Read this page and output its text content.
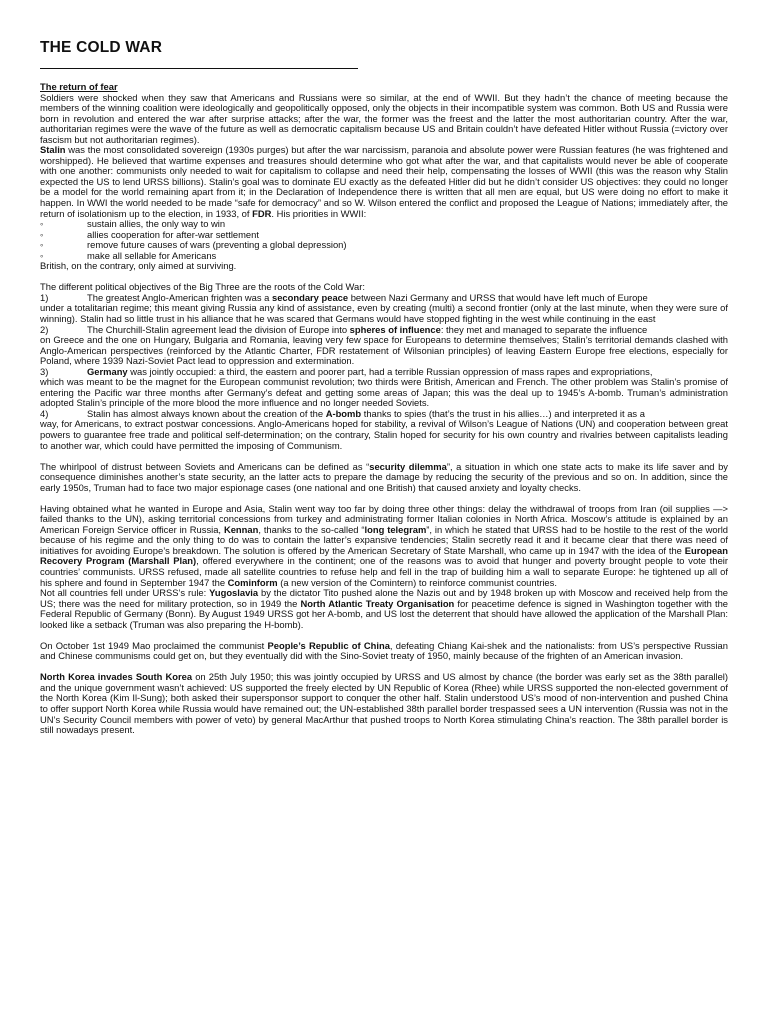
THE COLD WAR

The return of fear

Soldiers were shocked when they saw that Americans and Russians were so similar, at the end of WWII. But they hadn’t the chance of meeting because the members of the winning coalition were ideologically and geopolitically opposed, only the objects in their incompatible system was common. Both US and Russia were born in revolution and entered the war after surprise attacks; after the war, the former was the freest and the latter the most authoritarian country. After the war, authoritarian regimes were the wave of the future as well as democratic capitalism because US and Britain couldn’t have defeated Hitler without Russia (=victory over fascism but not authoritarian regimes).

Stalin was the most consolidated sovereign (1930s purges) but after the war narcissism, paranoia and absolute power were Russian features (he was frightened and worshipped). He believed that wartime expenses and treasures should determine who got what after the war, and that capitalists would never be able of cooperate with one another: communists only needed to wait for capitalism to collapse and need their help, compensating the losses of WWII (this was the reason why Stalin expected the US to lend URSS billions). Stalin’s goal was to dominate EU exactly as the defeated Hitler did but he didn’t consider US objectives: they could no longer be a model for the world remaining apart from it; in the Declaration of Independence there is written that all men are equal, but US were doing no effort to make it happen. In WWI the world needed to be made “safe for democracy” and so W. Wilson entered the conflict and proposed the League of Nations; immediately after, the return of isolationism up to the election, in 1933, of FDR. His priorities in WWII:

◦	sustain allies, the only way to win
◦	allies cooperation for after-war settlement
◦	remove future causes of wars (preventing a global depression)
◦	make all sellable for Americans

British, on the contrary, only aimed at surviving.

The different political objectives of the Big Three are the roots of the Cold War:

1)	The greatest Anglo-American frighten was a secondary peace between Nazi Germany and URSS that would have left much of Europe

under a totalitarian regime; this meant giving Russia any kind of assistance, even by creating (multi) a second frontier (only at the last minute, when they were sure of winning). Stalin had so little trust in his alliance that he was scared that Germans would have stopped fighting in the west while continuing in the east

2)	The Churchill-Stalin agreement lead the division of Europe into spheres of influence: they met and managed to separate the influence

on Greece and the one on Hungary, Bulgaria and Romania, leaving very few space for Europeans to determine themselves; Stalin’s territorial demands clashed with Anglo-American perspectives (reinforced by the Atlantic Charter, FDR restatement of Wilsonian principles) of leaving Eastern Europe free elections, especially for Poland, where 1939 Nazi-Soviet Pact lead to oppression and extermination.

3)	Germany was jointly occupied: a third, the eastern and poorer part, had a terrible Russian oppression of mass rapes and expropriations,

which was meant to be the magnet for the European communist revolution; two thirds were British, American and French. The other problem was Stalin’s promise of entering the Pacific war three months after Germany’s defeat and getting some areas of Japan; this was the deal up to 1945’s A-bomb. Truman’s administration adopted Stalin’s principle of the more blood the more influence and no longer needed Soviets.

4)	Stalin has almost always known about the creation of the A-bomb thanks to spies (that’s the trust in his allies…) and interpreted it as a

way, for Americans, to extract postwar concessions. Anglo-Americans hoped for stability, a revival of Wilson’s League of Nations (UN) and cooperation between great powers to guarantee free trade and political self-determination; on the contrary, Stalin hoped for security for his own country and rivalries between capitalists leading to another war, which could have permitted the imposing of Communism.

The whirlpool of distrust between Soviets and Americans can be defined as “security dilemma”, a situation in which one state acts to make its life saver and by consequence diminishes another’s state security, an the latter acts to prepare the damage by reducing the security of the previous and so on. In addition, since the early 1950s, Truman had to face two major espionage cases (one national and one British) that caused anxiety and loyalty checks.

Having obtained what he wanted in Europe and Asia, Stalin went way too far by doing three other things: delay the withdrawal of troops from Iran (oil supplies —> failed thanks to the UN), asking territorial concessions from turkey and administrating former Italian colonies in North Africa. Moscow’s attitude is explained by an American Foreign Service officer in Russia, Kennan, thanks to the so-called “long telegram”, in which he stated that URSS had to be hostile to the rest of the world because of his regime and the only thing to do was to contain the latter’s expansive tendencies; Stalin secretly read it and it became clear that there was need of initiatives for avoiding Europe’s breakdown. The solution is offered by the American Secretary of State Marshall, who came up in 1947 with the idea of the European Recovery Program (Marshall Plan), offered everywhere in the continent; one of the reasons was to avoid that hunger and poverty brought people to vote their countries’ communists. URSS refused, made all satellite countries to refuse help and fell in the trap of building him a wall to separate Europe: he tightened up all of his sphere and found in September 1947 the Cominform (a new version of the Comintern) to reinforce communist countries.

Not all countries fell under URSS’s rule: Yugoslavia by the dictator Tito pushed alone the Nazis out and by 1948 broken up with Moscow and received help from the US; there was the need for military protection, so in 1949 the North Atlantic Treaty Organisation for peacetime defence is signed in Washington together with the Federal Republic of Germany (Bonn). By August 1949 URSS got her A-bomb, and US lost the deterrent that should have allowed the application of the Marshall Plan: looked like a setback (Truman was also preparing the H-bomb).

On October 1st 1949 Mao proclaimed the communist People’s Republic of China, defeating Chiang Kai-shek and the nationalists: from US’s perspective Russian and Chinese communisms could get on, but they eventually did with the Sino-Soviet treaty of 1950, mainly because of the frighten of an American invasion.

North Korea invades South Korea on 25th July 1950; this was jointly occupied by URSS and US almost by chance (the border was early set as the 38th parallel) and the unique government wasn’t achieved: US supported the freely elected by UN Republic of Korea (Rhee) while URSS supported the non-elected government of the North Korea (Kim Il-Sung); both asked their supersponsor support to conquer the other half. Stalin understood US’s mood of non-intervention and pushed China to offer support North Korea while Russia would have remained out; the UN-established 38th parallel border trespassed sees a UN intervention (Russia was not in the UN’s Security Council members with power of veto) by general MacArthur that pushed troops to North Korea stimulating China’s reaction. The 38th parallel border is still nowadays present.
